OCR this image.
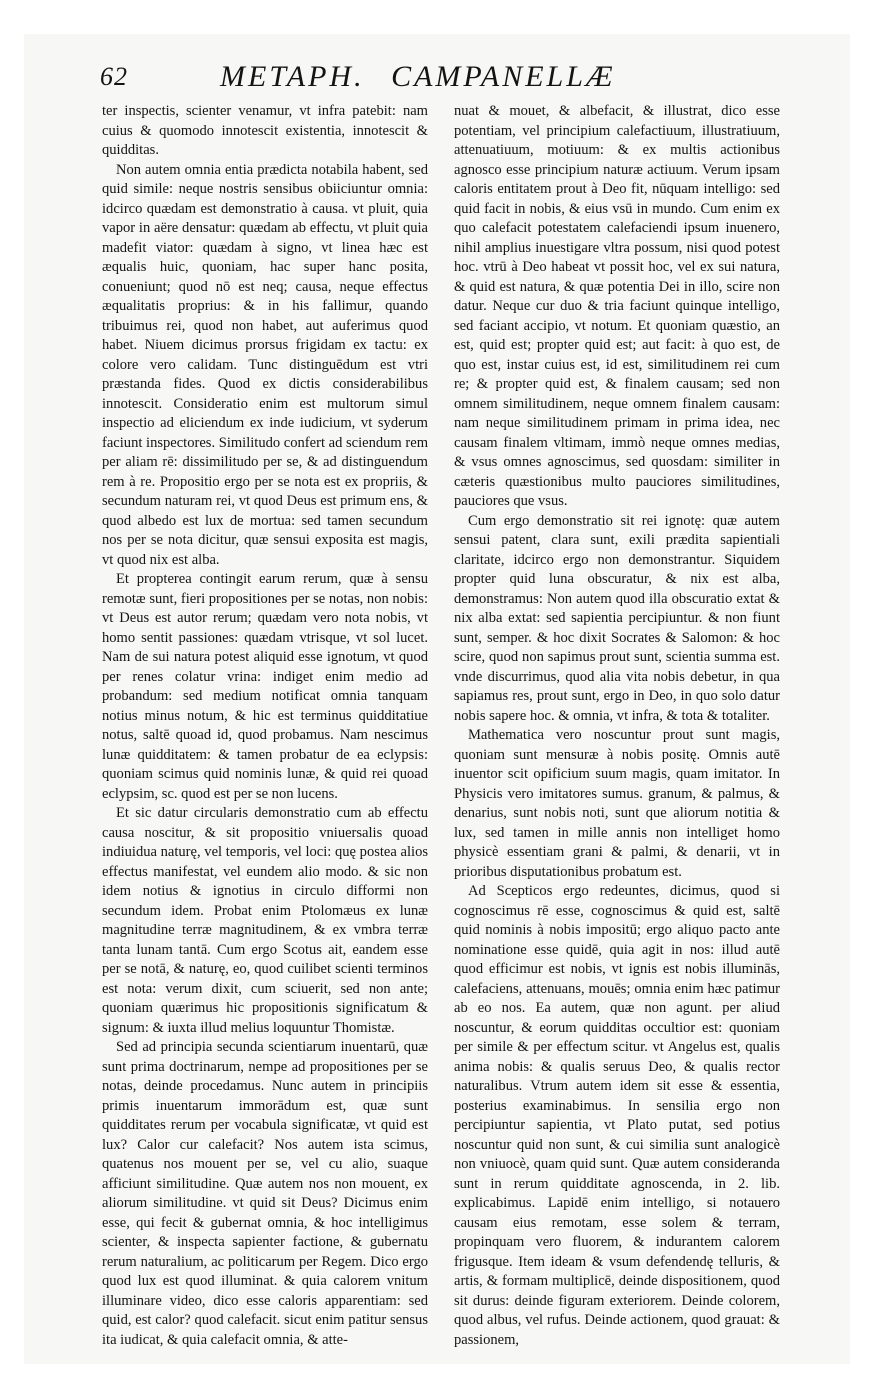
62	METAPH. CAMPANELLÆ

ter inspectis, scienter venamur, vt infra patebit: nam cuius & quomodo innotescit existentia, innotescit & quidditas.

Non autem omnia entia prædicta notabila habent, sed quid simile: neque nostris sensibus obiiciuntur omnia: idcirco quædam est demonstratio à causa. vt pluit, quia vapor in aëre densatur: quædam ab effectu, vt pluit quia madefit viator: quædam à signo, vt linea hæc est æqualis huic, quoniam, hac super hanc posita, conueniunt; quod nō est neq; causa, neque effectus æqualitatis proprius: & in his fallimur, quando tribuimus rei, quod non habet, aut auferimus quod habet. Niuem dicimus prorsus frigidam ex tactu: ex colore vero calidam. Tunc distinguēdum est vtri præstanda fides. Quod ex dictis considerabilibus innotescit. Consideratio enim est multorum simul inspectio ad eliciendum ex inde iudicium, vt syderum faciunt inspectores. Similitudo confert ad sciendum rem per aliam rē: dissimilitudo per se, & ad distinguendum rem à re. Propositio ergo per se nota est ex propriis, & secundum naturam rei, vt quod Deus est primum ens, & quod albedo est lux de mortua: sed tamen secundum nos per se nota dicitur, quæ sensui exposita est magis, vt quod nix est alba.

Et propterea contingit earum rerum, quæ à sensu remotæ sunt, fieri propositiones per se notas, non nobis: vt Deus est autor rerum; quædam vero nota nobis, vt homo sentit passiones: quædam vtrisque, vt sol lucet. Nam de sui natura potest aliquid esse ignotum, vt quod per renes colatur vrina: indiget enim medio ad probandum: sed medium notificat omnia tanquam notius minus notum, & hic est terminus quidditatiue notus, saltē quoad id, quod probamus. Nam nescimus lunæ quidditatem: & tamen probatur de ea eclypsis: quoniam scimus quid nominis lunæ, & quid rei quoad eclypsim, sc. quod est per se non lucens.

Et sic datur circularis demonstratio cum ab effectu causa noscitur, & sit propositio vniuersalis quoad indiuidua naturę, vel temporis, vel loci: quę postea alios effectus manifestat, vel eundem alio modo. & sic non idem notius & ignotius in circulo difformi non secundum idem. Probat enim Ptolomæus ex lunæ magnitudine terræ magnitudinem, & ex vmbra terræ tanta lunam tantā. Cum ergo Scotus ait, eandem esse per se notā, & naturę, eo, quod cuilibet scienti terminos est nota: verum dixit, cum sciuerit, sed non ante; quoniam quærimus hic propositionis significatum & signum: & iuxta illud melius loquuntur Thomistæ.

Sed ad principia secunda scientiarum inuentarū, quæ sunt prima doctrinarum, nempe ad propositiones per se notas, deinde procedamus. Nunc autem in principiis primis inuentarum immorādum est, quæ sunt quidditates rerum per vocabula significatæ, vt quid est lux? Calor cur calefacit? Nos autem ista scimus, quatenus nos mouent per se, vel cu alio, suaque afficiunt similitudine. Quæ autem nos non mouent, ex aliorum similitudine. vt quid sit Deus? Dicimus enim esse, qui fecit & gubernat omnia, & hoc intelligimus scienter, & inspecta sapienter factione, & gubernatu rerum naturalium, ac politicarum per Regem. Dico ergo quod lux est quod illuminat. & quia calorem vnitum illuminare video, dico esse caloris apparentiam: sed quid, est calor? quod calefacit. sicut enim patitur sensus ita iudicat, & quia calefacit omnia, & atte-

nuat & mouet, & albefacit, & illustrat, dico esse potentiam, vel principium calefactiuum, illustratiuum, attenuatiuum, motiuum: & ex multis actionibus agnosco esse principium naturæ actiuum. Verum ipsam caloris entitatem prout à Deo fit, nūquam intelligo: sed quid facit in nobis, & eius vsū in mundo. Cum enim ex quo calefacit potestatem calefaciendi ipsum inuenero, nihil amplius inuestigare vltra possum, nisi quod potest hoc. vtrū à Deo habeat vt possit hoc, vel ex sui natura, & quid est natura, & quæ potentia Dei in illo, scire non datur. Neque cur duo & tria faciunt quinque intelligo, sed faciant accipio, vt notum. Et quoniam quæstio, an est, quid est; propter quid est; aut facit: à quo est, de quo est, instar cuius est, id est, similitudinem rei cum re; & propter quid est, & finalem causam; sed non omnem similitudinem, neque omnem finalem causam: nam neque similitudinem primam in prima idea, nec causam finalem vltimam, immò neque omnes medias, & vsus omnes agnoscimus, sed quosdam: similiter in cæteris quæstionibus multo pauciores similitudines, pauciores que vsus.

Cum ergo demonstratio sit rei ignotę: quæ autem sensui patent, clara sunt, exili prædita sapientiali claritate, idcirco ergo non demonstrantur. Siquidem propter quid luna obscuratur, & nix est alba, demonstramus: Non autem quod illa obscuratio extat & nix alba extat: sed sapientia percipiuntur. & non fiunt sunt, semper. & hoc dixit Socrates & Salomon: & hoc scire, quod non sapimus prout sunt, scientia summa est. vnde discurrimus, quod alia vita nobis debetur, in qua sapiamus res, prout sunt, ergo in Deo, in quo solo datur nobis sapere hoc. & omnia, vt infra, & tota & totaliter.

Mathematica vero noscuntur prout sunt magis, quoniam sunt mensuræ à nobis positę. Omnis autē inuentor scit opificium suum magis, quam imitator. In Physicis vero imitatores sumus. granum, & palmus, & denarius, sunt nobis noti, sunt que aliorum notitia & lux, sed tamen in mille annis non intelliget homo physicè essentiam grani & palmi, & denarii, vt in prioribus disputationibus probatum est.

Ad Scepticos ergo redeuntes, dicimus, quod si cognoscimus rē esse, cognoscimus & quid est, saltē quid nominis à nobis impositū; ergo aliquo pacto ante nominatione esse quidē, quia agit in nos: illud autē quod efficimur est nobis, vt ignis est nobis illuminās, calefaciens, attenuans, mouēs; omnia enim hæc patimur ab eo nos. Ea autem, quæ non agunt. per aliud noscuntur, & eorum quidditas occultior est: quoniam per simile & per effectum scitur. vt Angelus est, qualis anima nobis: & qualis seruus Deo, & qualis rector naturalibus. Vtrum autem idem sit esse & essentia, posterius examinabimus. In sensilia ergo non percipiuntur sapientia, vt Plato putat, sed potius noscuntur quid non sunt, & cui similia sunt analogicè non vniuocè, quam quid sunt. Quæ autem consideranda sunt in rerum quidditate agnoscenda, in 2. lib. explicabimus. Lapidē enim intelligo, si notauero causam eius remotam, esse solem & terram, propinquam vero fluorem, & indurantem calorem frigusque. Item ideam & vsum defendendę telluris, & artis, & formam multiplicē, deinde dispositionem, quod sit durus: deinde figuram exteriorem. Deinde colorem, quod albus, vel rufus. Deinde actionem, quod grauat: & passionem,
